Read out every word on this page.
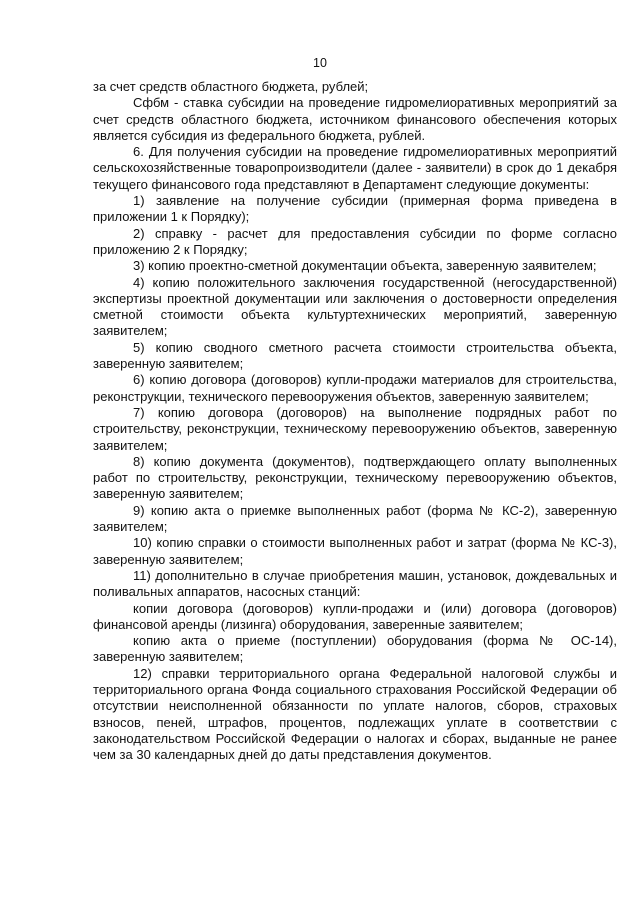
10

за счет средств областного бюджета, рублей;

Сфбм - ставка субсидии на проведение гидромелиоративных мероприятий за счет средств областного бюджета, источником финансового обеспечения которых является субсидия из федерального бюджета, рублей.

6. Для получения субсидии на проведение гидромелиоративных мероприятий сельскохозяйственные товаропроизводители (далее - заявители) в срок до 1 декабря текущего финансового года представляют в Департамент следующие документы:

1) заявление на получение субсидии (примерная форма приведена в приложении 1 к Порядку);

2) справку - расчет для предоставления субсидии по форме согласно приложению 2 к Порядку;

3) копию проектно-сметной документации объекта, заверенную заявителем;

4) копию положительного заключения государственной (негосударственной) экспертизы проектной документации или заключения о достоверности определения сметной стоимости объекта культуртехнических мероприятий, заверенную заявителем;

5) копию сводного сметного расчета стоимости строительства объекта, заверенную заявителем;

6) копию договора (договоров) купли-продажи материалов для строительства, реконструкции, технического перевооружения объектов, заверенную заявителем;

7) копию договора (договоров) на выполнение подрядных работ по строительству, реконструкции, техническому перевооружению объектов, заверенную заявителем;

8) копию документа (документов), подтверждающего оплату выполненных работ по строительству, реконструкции, техническому перевооружению объектов, заверенную заявителем;

9) копию акта о приемке выполненных работ (форма № КС-2), заверенную заявителем;

10) копию справки о стоимости выполненных работ и затрат (форма № КС-3), заверенную заявителем;

11) дополнительно в случае приобретения машин, установок, дождевальных и поливальных аппаратов, насосных станций:

копии договора (договоров) купли-продажи и (или) договора (договоров) финансовой аренды (лизинга) оборудования, заверенные заявителем;

копию акта о приеме (поступлении) оборудования (форма № ОС-14), заверенную заявителем;

12) справки территориального органа Федеральной налоговой службы и территориального органа Фонда социального страхования Российской Федерации об отсутствии неисполненной обязанности по уплате налогов, сборов, страховых взносов, пеней, штрафов, процентов, подлежащих уплате в соответствии с законодательством Российской Федерации о налогах и сборах, выданные не ранее чем за 30 календарных дней до даты представления документов.
